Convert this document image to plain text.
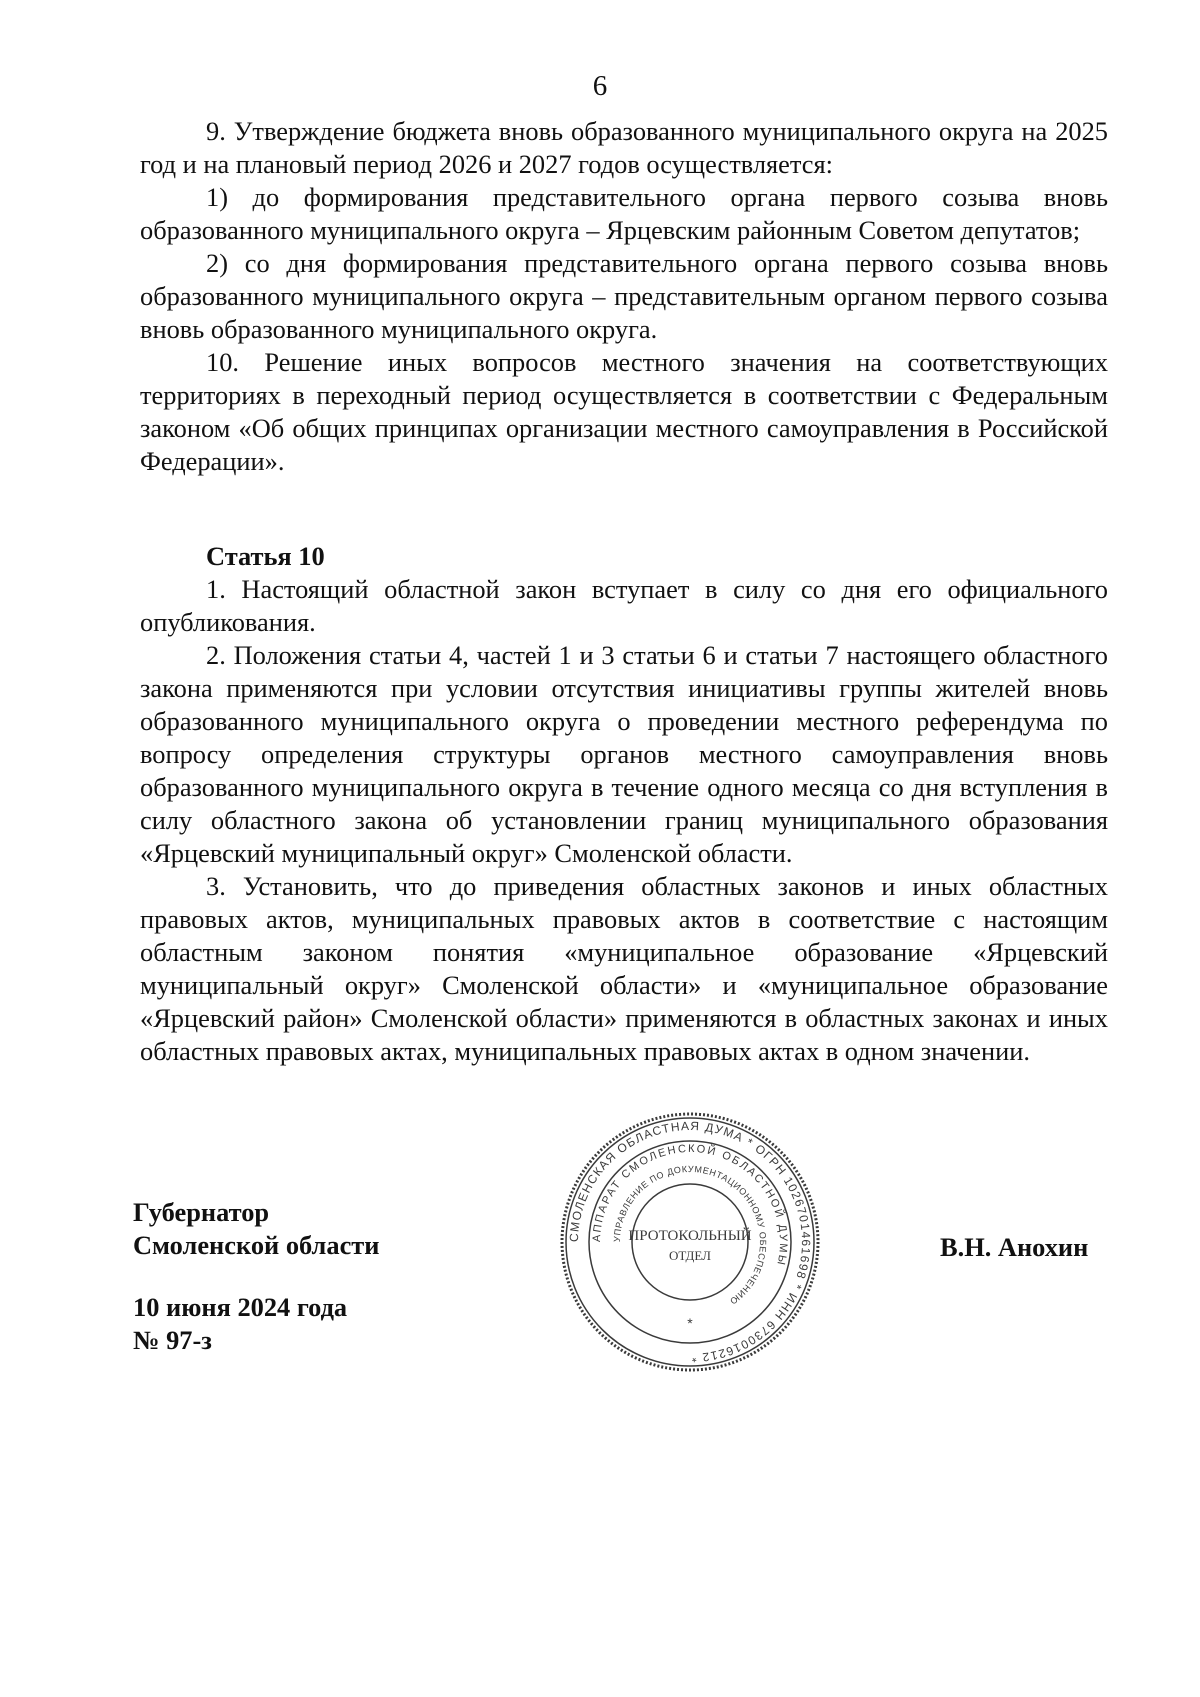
6

9. Утверждение бюджета вновь образованного муниципального округа на 2025 год и на плановый период 2026 и 2027 годов осуществляется:

1) до формирования представительного органа первого созыва вновь образованного муниципального округа – Ярцевским районным Советом депутатов;

2) со дня формирования представительного органа первого созыва вновь образованного муниципального округа – представительным органом первого созыва вновь образованного муниципального округа.

10. Решение иных вопросов местного значения на соответствующих территориях в переходный период осуществляется в соответствии с Федеральным законом «Об общих принципах организации местного самоуправления в Российской Федерации».

Статья 10

1. Настоящий областной закон вступает в силу со дня его официального опубликования.

2. Положения статьи 4, частей 1 и 3 статьи 6 и статьи 7 настоящего областного закона применяются при условии отсутствия инициативы группы жителей вновь образованного муниципального округа о проведении местного референдума по вопросу определения структуры органов местного самоуправления вновь образованного муниципального округа в течение одного месяца со дня вступления в силу областного закона об установлении границ муниципального образования «Ярцевский муниципальный округ» Смоленской области.

3. Установить, что до приведения областных законов и иных областных правовых актов, муниципальных правовых актов в соответствие с настоящим областным законом понятия «муниципальное образование «Ярцевский муниципальный округ» Смоленской области» и «муниципальное образование «Ярцевский район» Смоленской области» применяются в областных законах и иных областных правовых актах, муниципальных правовых актах в одном значении.

Губернатор
Смоленской области	В.Н. Анохин
10 июня 2024 года
№ 97-з
СМОЛЕНСКАЯ ОБЛАСТНАЯ ДУМА * ОГРН 1026701461698 * ИНН 6730016212 *
АППАРАТ СМОЛЕНСКОЙ ОБЛАСТНОЙ ДУМЫ
УПРАВЛЕНИЕ ПО ДОКУМЕНТАЦИОННОМУ ОБЕСПЕЧЕНИЮ
ПРОТОКОЛЬНЫЙ
ОТДЕЛ
*
